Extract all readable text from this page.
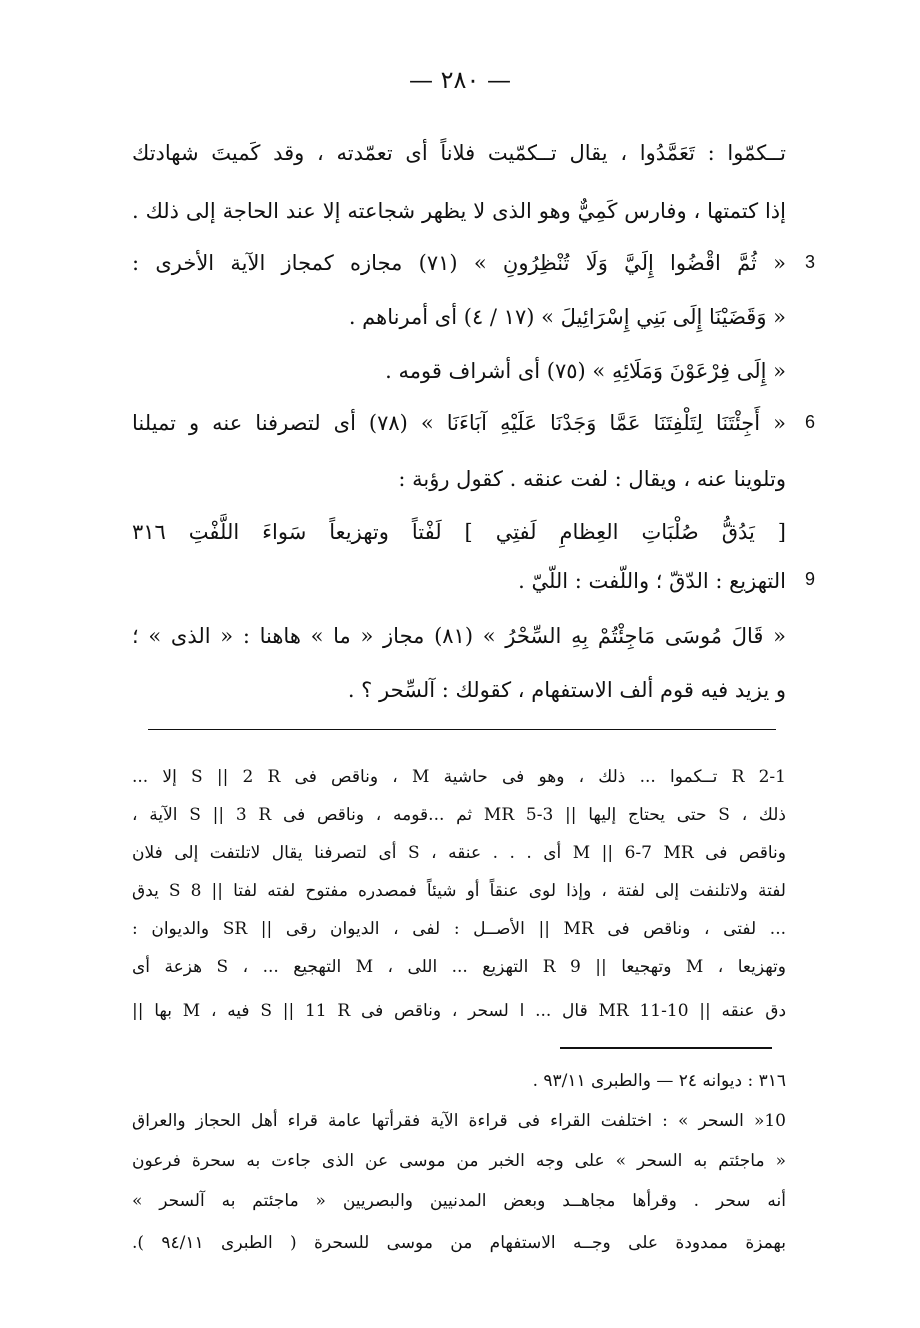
— ٢٨٠ —
تــكمّوا : تَعَمَّدُوا ، يقال تــكمّيت فلاناً أى تعمّدته ، وقد كَميتَ شهادتك
إذا كتمتها ، وفارس كَمِيٌّ وهو الذى لا يظهر شجاعته إلا عند الحاجة إلى ذلك .
« ثُمَّ اقْضُوا إِلَيَّ وَلَا تُنْظِرُونِ » (٧١) مجازه كمجاز الآية الأخرى : 3
« وَقَضَيْنَا إِلَى بَنِي إِسْرَائِيلَ » (١٧ / ٤) أى أمرناهم .
« إِلَى فِرْعَوْنَ وَمَلَائِهِ » (٧٥) أى أشراف قومه .
« أَجِئْتَنَا لِتَلْفِتَنَا عَمَّا وَجَدْنَا عَلَيْهِ آبَاءَنَا » (٧٨) أى لتصرفنا عنه و تميلنا 6
وتلوينا عنه ، ويقال : لفت عنقه . كقول رؤبة :
[ يَدُقُّ صُلْبَاتِ العِظامِ لَفتِي ] لَفْتاً وتهزيعاً سَواءَ اللَّفْتِ ٣١٦
التهزيع : الدّقّ ؛ واللّفت : اللّيّ . 9
« قَالَ مُوسَى مَاجِئْتُمْ بِهِ السِّحْرُ » (٨١) مجاز « ما » هاهنا : « الذى » ؛
و يزيد فيه قوم ألف الاستفهام ، كقولك : آلسِّحر ؟ .
2-1 R تــكموا ... ذلك ، وهو فى حاشية M ، وناقص فى S || 2 R إلا ...
ذلك ، S حتى يحتاج إليها || 3-5 MR ثم ...قومه ، وناقص فى S || 3 R الآية ،
وناقص فى M || 6-7 MR أى . . . عنقه ، S أى لتصرفنا يقال لاتلتفت إلى فلان
لفتة ولاتلنفت إلى لفتة ، وإذا لوى عنقاً أو شيئاً فمصدره مفتوح لفته لفتا || 8 S يدق
... لفتى ، وناقص فى MR || الأصــل : لفى ، الديوان رقى || SR والديوان :
وتهزيعا ، M وتهجيعا || 9 R التهزيع ... اللى ، M التهجيع ... ، S هزعة أى
دق عنقه || 10-11 MR قال ... ا لسحر ، وناقص فى S || 11 R فيه ، M بها ||
٣١٦ : ديوانه ٢٤ — والطبرى ٩٣/١١ .
10« السحر » : اختلفت القراء فى قراءة الآية فقرأتها عامة قراء أهل الحجاز والعراق
« ماجئتم به السحر » على وجه الخبر من موسى عن الذى جاءت به سحرة فرعون
أنه سحر . وقرأها مجاهــد وبعض المدنيين والبصريين « ماجئتم به آلسحر »
بهمزة ممدودة على وجــه الاستفهام من موسى للسحرة ( الطبرى ٩٤/١١ ).
